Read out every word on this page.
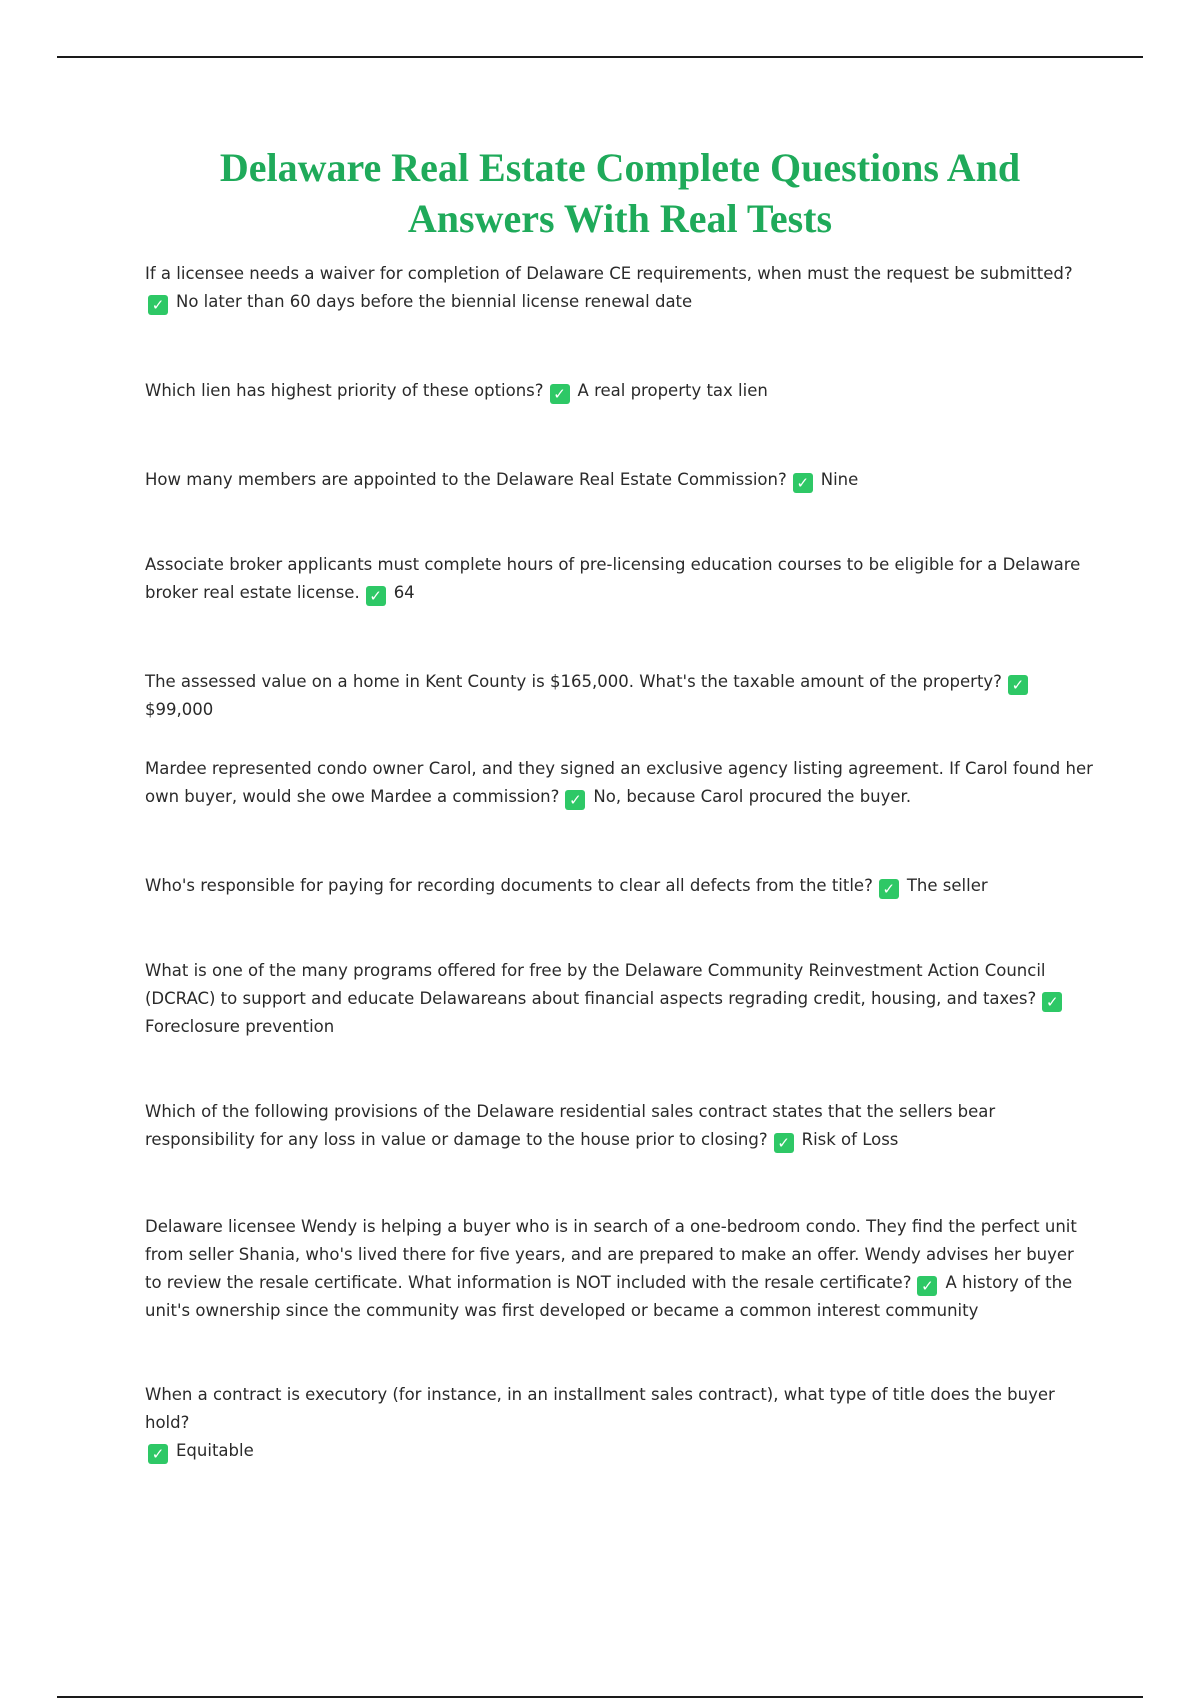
Delaware Real Estate Complete Questions And Answers With Real Tests

If a licensee needs a waiver for completion of Delaware CE requirements, when must the request be submitted?
✓ No later than 60 days before the biennial license renewal date

Which lien has highest priority of these options? ✓ A real property tax lien

How many members are appointed to the Delaware Real Estate Commission? ✓ Nine

Associate broker applicants must complete hours of pre-licensing education courses to be eligible for a Delaware broker real estate license. ✓ 64

The assessed value on a home in Kent County is $165,000. What's the taxable amount of the property? ✓$99,000

Mardee represented condo owner Carol, and they signed an exclusive agency listing agreement. If Carol found her own buyer, would she owe Mardee a commission? ✓ No, because Carol procured the buyer.

Who's responsible for paying for recording documents to clear all defects from the title? ✓ The seller

What is one of the many programs offered for free by the Delaware Community Reinvestment Action Council (DCRAC) to support and educate Delawareans about financial aspects regrading credit, housing, and taxes? ✓Foreclosure prevention

Which of the following provisions of the Delaware residential sales contract states that the sellers bear responsibility for any loss in value or damage to the house prior to closing? ✓ Risk of Loss

Delaware licensee Wendy is helping a buyer who is in search of a one-bedroom condo. They find the perfect unit from seller Shania, who's lived there for five years, and are prepared to make an offer. Wendy advises her buyer to review the resale certificate. What information is NOT included with the resale certificate? ✓ A history of the unit's ownership since the community was first developed or became a common interest community

When a contract is executory (for instance, in an installment sales contract), what type of title does the buyer hold?
✓ Equitable
